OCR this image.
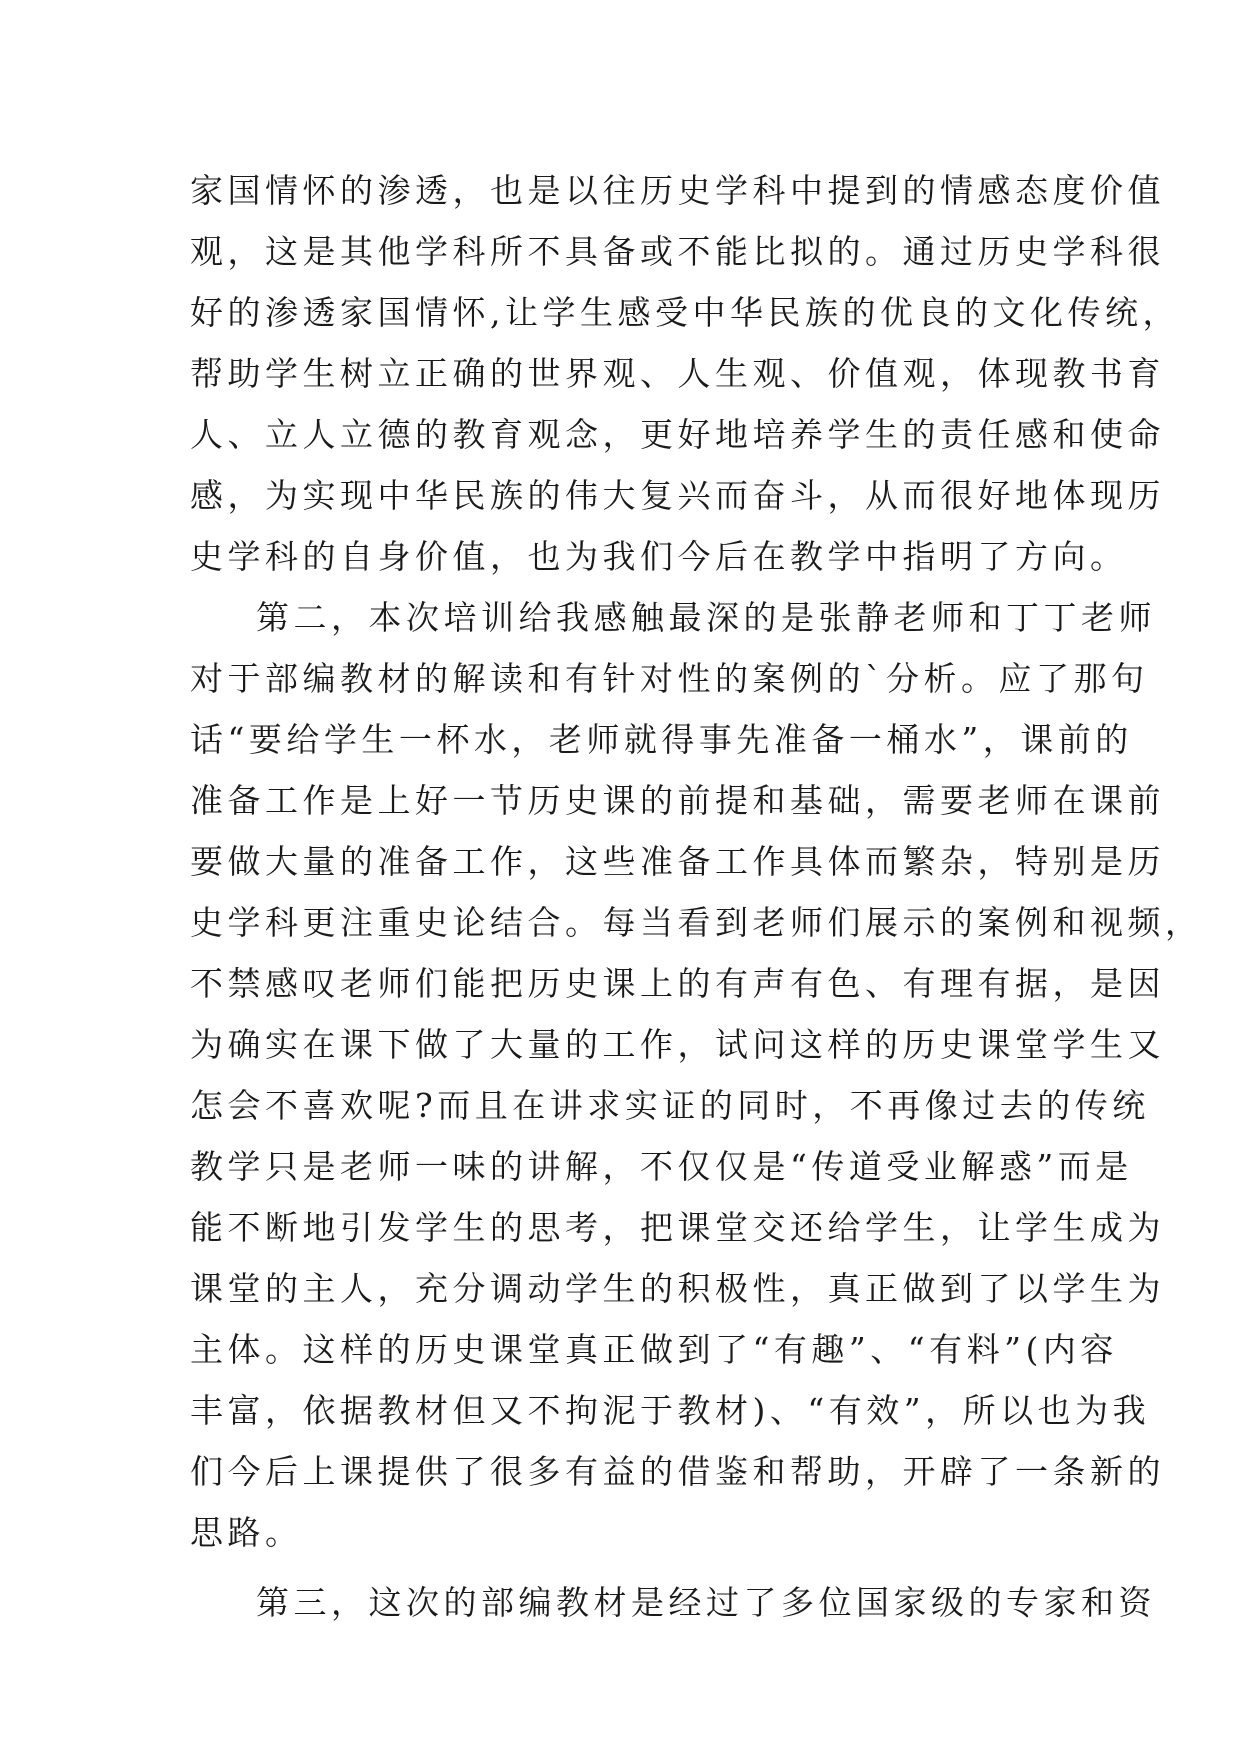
家国情怀的渗透，也是以往历史学科中提到的情感态度价值
观，这是其他学科所不具备或不能比拟的。通过历史学科很
好的渗透家国情怀,让学生感受中华民族的优良的文化传统，
帮助学生树立正确的世界观、人生观、价值观，体现教书育
人、立人立德的教育观念，更好地培养学生的责任感和使命
感，为实现中华民族的伟大复兴而奋斗，从而很好地体现历
史学科的自身价值，也为我们今后在教学中指明了方向。
第二，本次培训给我感触最深的是张静老师和丁丁老师
对于部编教材的解读和有针对性的案例的`分析。应了那句
话“要给学生一杯水，老师就得事先准备一桶水”，课前的
准备工作是上好一节历史课的前提和基础，需要老师在课前
要做大量的准备工作，这些准备工作具体而繁杂，特别是历
史学科更注重史论结合。每当看到老师们展示的案例和视频，
不禁感叹老师们能把历史课上的有声有色、有理有据，是因
为确实在课下做了大量的工作，试问这样的历史课堂学生又
怎会不喜欢呢?而且在讲求实证的同时，不再像过去的传统
教学只是老师一味的讲解，不仅仅是“传道受业解惑”而是
能不断地引发学生的思考，把课堂交还给学生，让学生成为
课堂的主人，充分调动学生的积极性，真正做到了以学生为
主体。这样的历史课堂真正做到了“有趣”、“有料”(内容
丰富，依据教材但又不拘泥于教材)、“有效”，所以也为我
们今后上课提供了很多有益的借鉴和帮助，开辟了一条新的
思路。
第三，这次的部编教材是经过了多位国家级的专家和资
